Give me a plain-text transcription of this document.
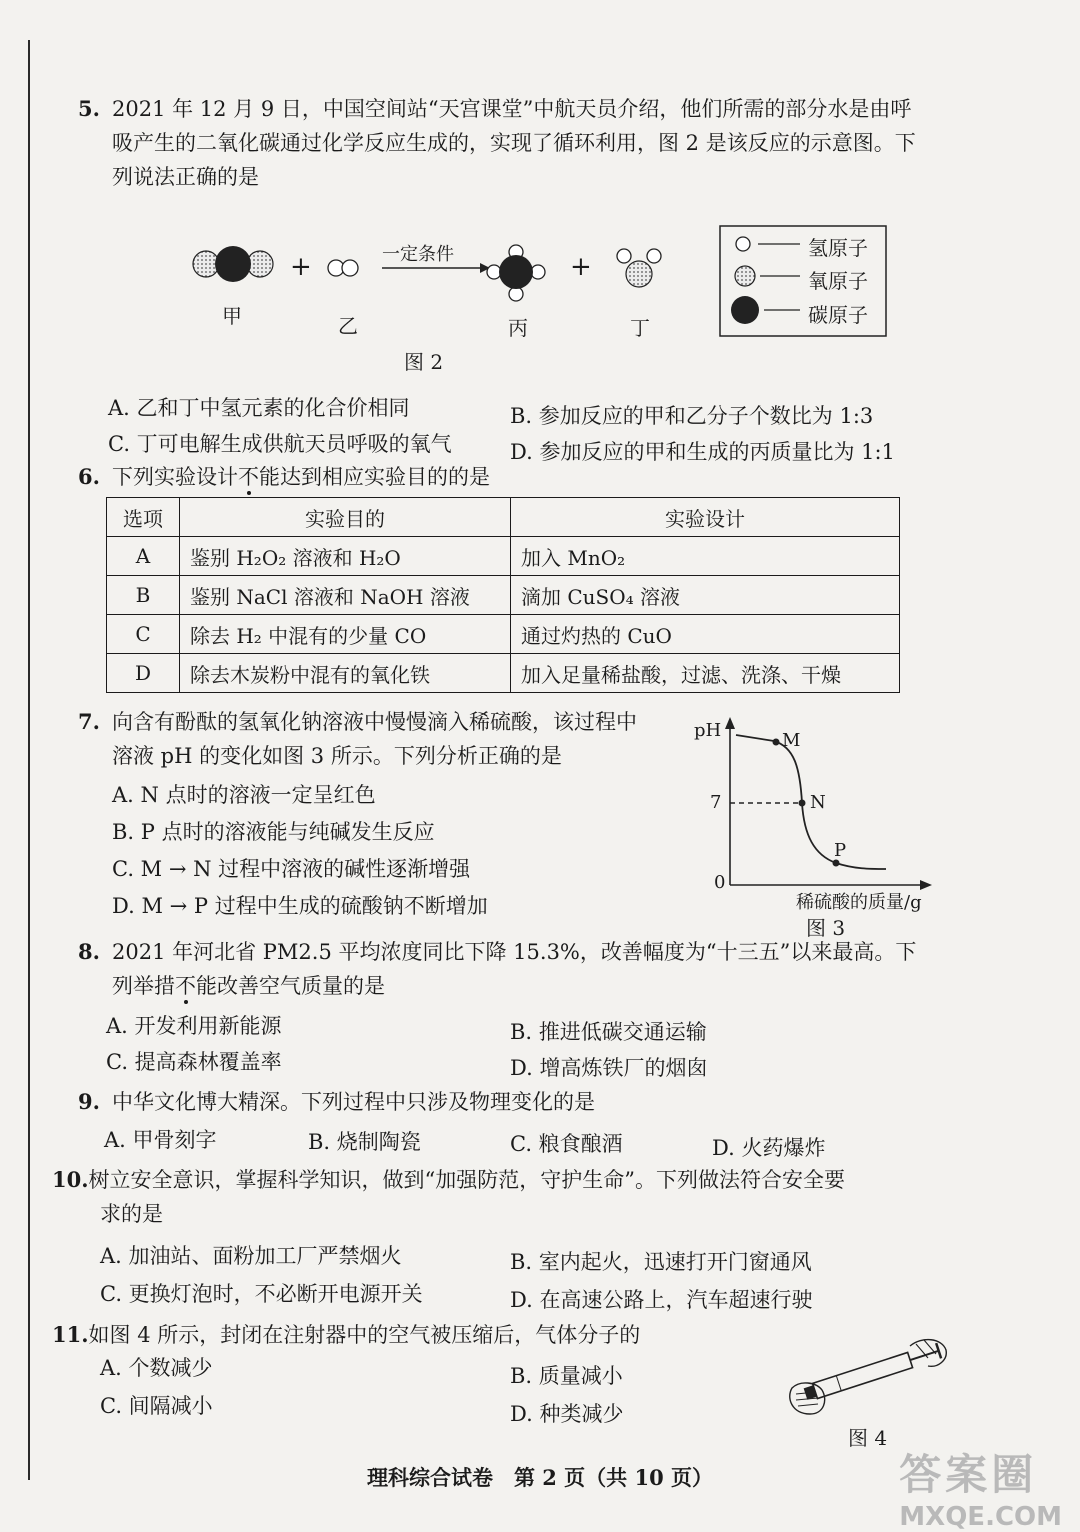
5. 2021 年 12 月 9 日，中国空间站“天宫课堂”中航天员介绍，他们所需的部分水是由呼
吸产生的二氧化碳通过化学反应生成的，实现了循环利用，图 2 是该反应的示意图。下
列说法正确的是
一定条件
+	+
甲	乙	丙	丁
氢原子
氧原子
碳原子
图 2
A. 乙和丁中氢元素的化合价相同	B. 参加反应的甲和乙分子个数比为 1:3
C. 丁可电解生成供航天员呼吸的氧气	D. 参加反应的甲和生成的丙质量比为 1:1
6. 下列实验设计不能达到相应实验目的的是
选项	实验目的	实验设计
A	鉴别 H₂O₂ 溶液和 H₂O	加入 MnO₂
B	鉴别 NaCl 溶液和 NaOH 溶液	滴加 CuSO₄ 溶液
C	除去 H₂ 中混有的少量 CO	通过灼热的 CuO
D	除去木炭粉中混有的氧化铁	加入足量稀盐酸，过滤、洗涤、干燥
7. 向含有酚酞的氢氧化钠溶液中慢慢滴入稀硫酸，该过程中
溶液 pH 的变化如图 3 所示。下列分析正确的是
A. N 点时的溶液一定呈红色
B. P 点时的溶液能与纯碱发生反应
C. M → N 过程中溶液的碱性逐渐增强
D. M → P 过程中生成的硫酸钠不断增加
pH
7
0
M
N
P
稀硫酸的质量/g
图 3
8. 2021 年河北省 PM2.5 平均浓度同比下降 15.3%，改善幅度为“十三五”以来最高。下
列举措不能改善空气质量的是
A. 开发利用新能源	B. 推进低碳交通运输
C. 提高森林覆盖率	D. 增高炼铁厂的烟囱
9. 中华文化博大精深。下列过程中只涉及物理变化的是
A. 甲骨刻字	B. 烧制陶瓷	C. 粮食酿酒	D. 火药爆炸
10.树立安全意识，掌握科学知识，做到“加强防范，守护生命”。下列做法符合安全要
求的是
A. 加油站、面粉加工厂严禁烟火	B. 室内起火，迅速打开门窗通风
C. 更换灯泡时，不必断开电源开关	D. 在高速公路上，汽车超速行驶
11.如图 4 所示，封闭在注射器中的空气被压缩后，气体分子的
A. 个数减少	B. 质量减小
C. 间隔减小	D. 种类减少
图 4
理科综合试卷　第 2 页（共 10 页）	答案圈
MXQE.COM
